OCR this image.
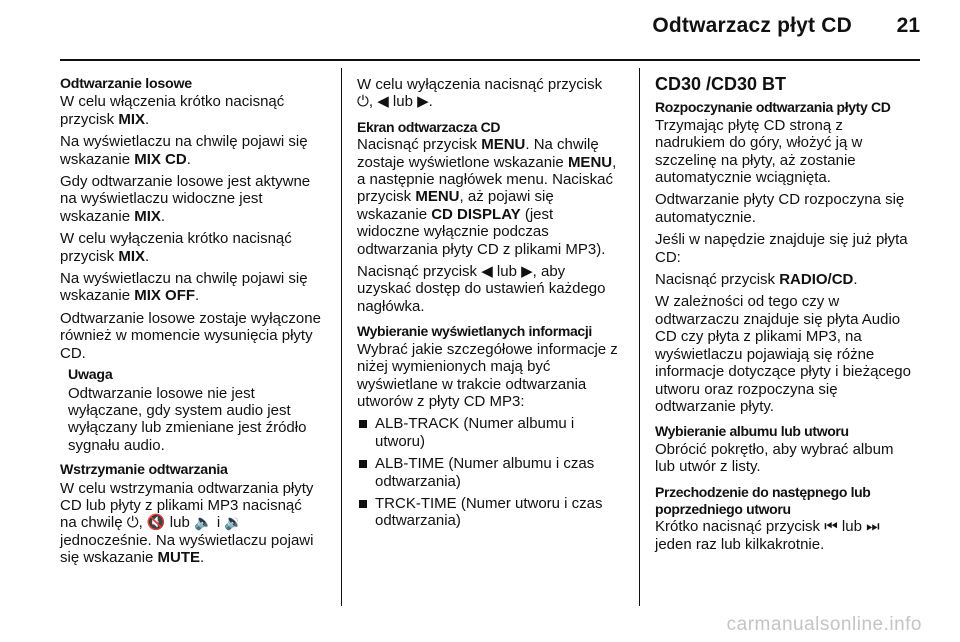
Odtwarzacz płyt CD 21
Odtwarzanie losowe

W celu włączenia krótko nacisnąć przycisk MIX.

Na wyświetlaczu na chwilę pojawi się wskazanie MIX CD.

Gdy odtwarzanie losowe jest aktywne na wyświetlaczu widoczne jest wskazanie MIX.

W celu wyłączenia krótko nacisnąć przycisk MIX.

Na wyświetlaczu na chwilę pojawi się wskazanie MIX OFF.

Odtwarzanie losowe zostaje wyłączone również w momencie wysunięcia płyty CD.

Uwaga
Odtwarzanie losowe nie jest wyłączane, gdy system audio jest wyłączany lub zmieniane jest źródło sygnału audio.
Wstrzymanie odtwarzania

W celu wstrzymania odtwarzania płyty CD lub płyty z plikami MP3 nacisnąć na chwilę ⏻, 🔇 lub 🔈 i 🔉 jednocześnie. Na wyświetlaczu pojawi się wskazanie MUTE.

W celu wyłączenia nacisnąć przycisk ⏻, ◀ lub ▶.

Ekran odtwarzacza CD

Nacisnąć przycisk MENU. Na chwilę zostaje wyświetlone wskazanie MENU, a następnie nagłówek menu. Naciskać przycisk MENU, aż pojawi się wskazanie CD DISPLAY (jest widoczne wyłącznie podczas odtwarzania płyty CD z plikami MP3).

Nacisnąć przycisk ◀ lub ▶, aby uzyskać dostęp do ustawień każdego nagłówka.

Wybieranie wyświetlanych informacji

Wybrać jakie szczegółowe informacje z niżej wymienionych mają być wyświetlane w trakcie odtwarzania utworów z płyty CD MP3:

ALB-TRACK (Numer albumu i utworu)
ALB-TIME (Numer albumu i czas odtwarzania)
TRCK-TIME (Numer utworu i czas odtwarzania)
CD30 /CD30 BT
Rozpoczynanie odtwarzania płyty CD

Trzymając płytę CD stroną z nadrukiem do góry, włożyć ją w szczelinę na płyty, aż zostanie automatycznie wciągnięta.

Odtwarzanie płyty CD rozpoczyna się automatycznie.

Jeśli w napędzie znajduje się już płyta CD:

Nacisnąć przycisk RADIO/CD.

W zależności od tego czy w odtwarzaczu znajduje się płyta Audio CD czy płyta z plikami MP3, na wyświetlaczu pojawiają się różne informacje dotyczące płyty i bieżącego utworu oraz rozpoczyna się odtwarzanie płyty.

Wybieranie albumu lub utworu

Obrócić pokrętło, aby wybrać album lub utwór z listy.

Przechodzenie do następnego lub poprzedniego utworu

Krótko nacisnąć przycisk ⏮ lub ⏭ jeden raz lub kilkakrotnie.

carmanualsonline.info
